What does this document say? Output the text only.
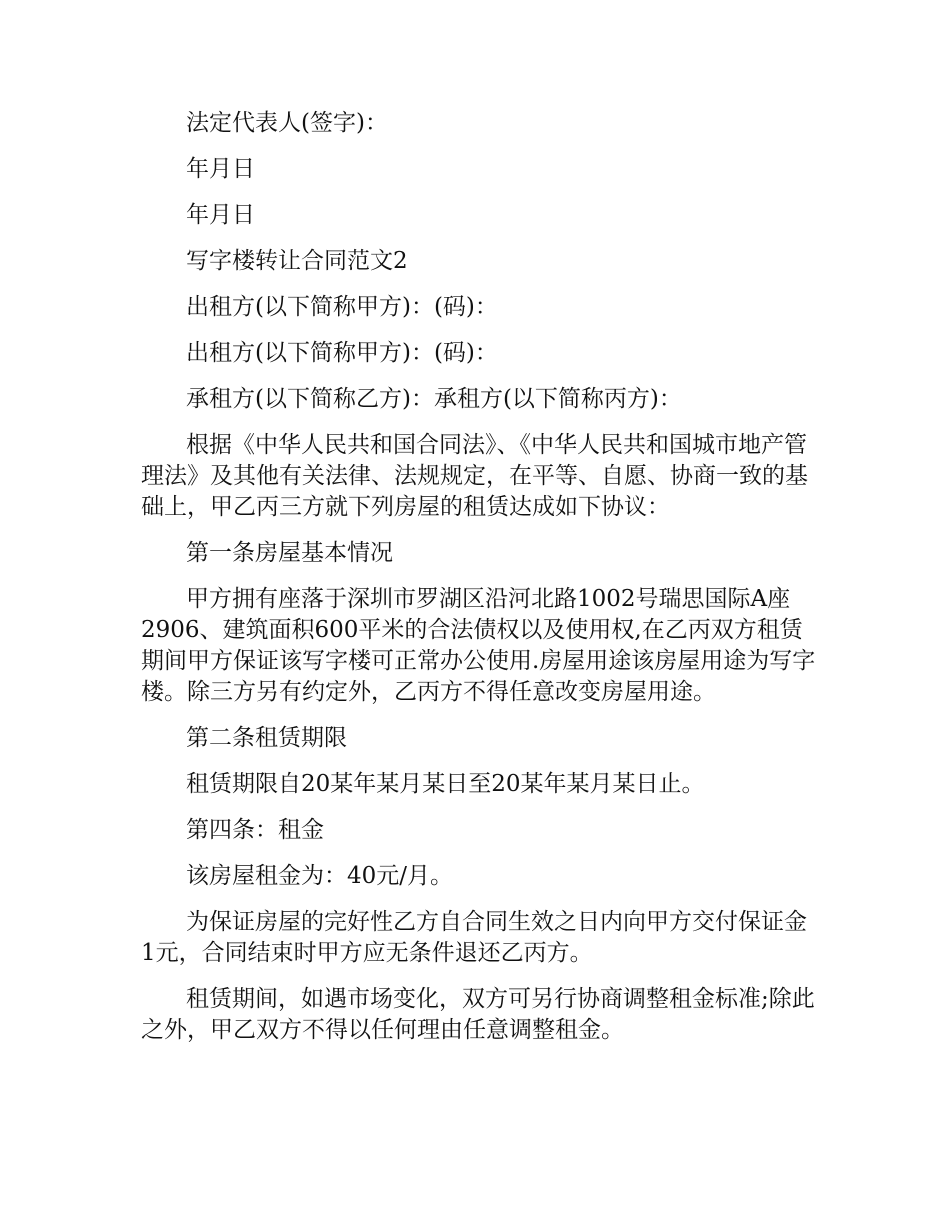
法定代表人(签字)：

年月日

年月日

写字楼转让合同范文2

出租方(以下简称甲方)：(码)：

出租方(以下简称甲方)：(码)：

承租方(以下简称乙方)：承租方(以下简称丙方)：

根据《中华人民共和国合同法》、《中华人民共和国城市地产管理法》及其他有关法律、法规规定，在平等、自愿、协商一致的基础上，甲乙丙三方就下列房屋的租赁达成如下协议：

第一条房屋基本情况

甲方拥有座落于深圳市罗湖区沿河北路1002号瑞思国际A座2906、建筑面积600平米的合法债权以及使用权,在乙丙双方租赁期间甲方保证该写字楼可正常办公使用.房屋用途该房屋用途为写字楼。除三方另有约定外，乙丙方不得任意改变房屋用途。

第二条租赁期限

租赁期限自20某年某月某日至20某年某月某日止。

第四条：租金

该房屋租金为：40元/月。

为保证房屋的完好性乙方自合同生效之日内向甲方交付保证金1元，合同结束时甲方应无条件退还乙丙方。

租赁期间，如遇市场变化，双方可另行协商调整租金标准;除此之外，甲乙双方不得以任何理由任意调整租金。
